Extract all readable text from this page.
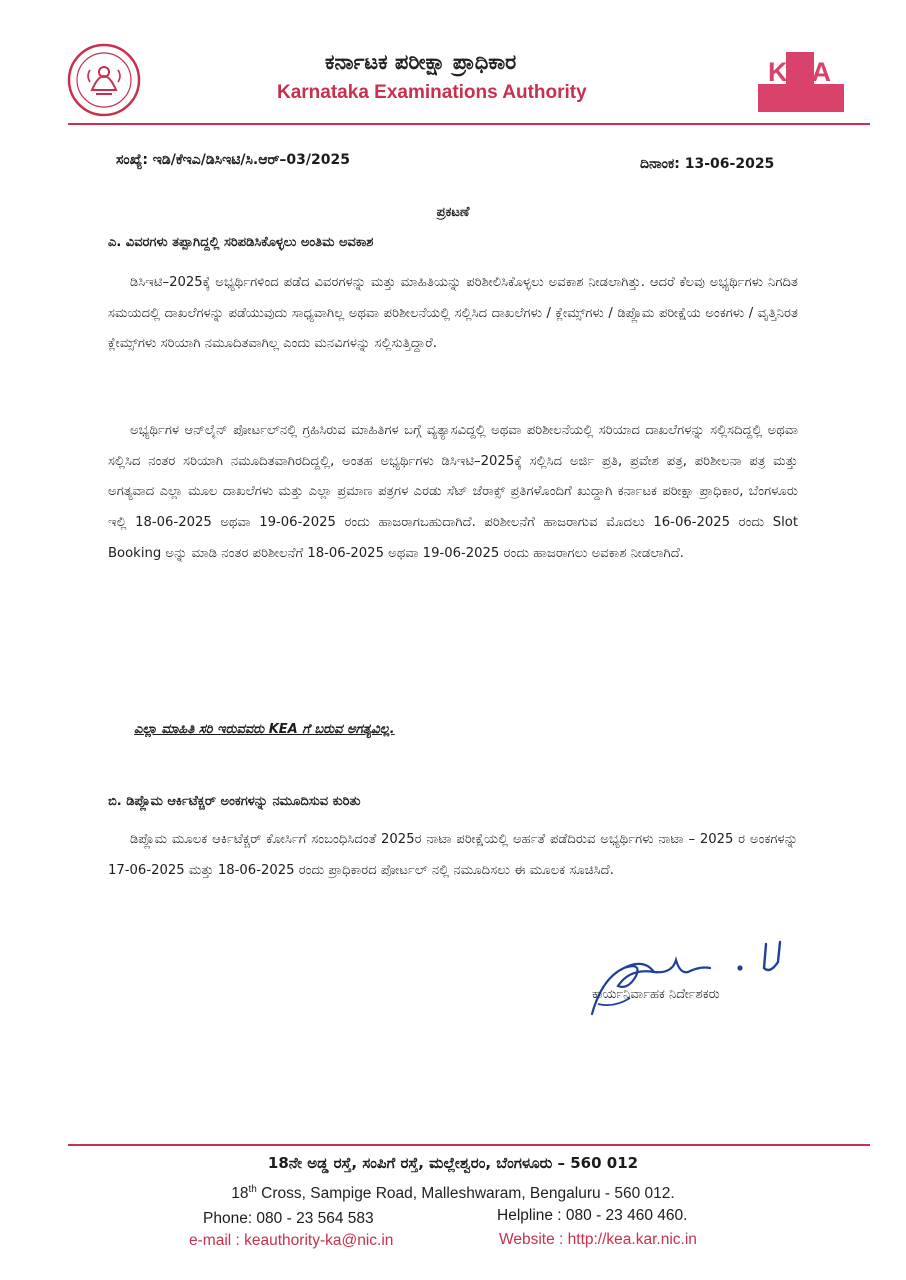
ಕರ್ನಾಟಕ ಪರೀಕ್ಷಾ ಪ್ರಾಧಿಕಾರ
Karnataka Examinations Authority
KEA
ಸಂಖ್ಯೆ: ಇಡಿ/ಕೆಇಎ/ಡಿಸಿಇಟಿ/ಸಿ.ಆರ್–03/2025	ದಿನಾಂಕ: 13-06-2025
ಪ್ರಕಟಣೆ
ಎ. ವಿವರಗಳು ತಪ್ಪಾಗಿದ್ದಲ್ಲಿ ಸರಿಪಡಿಸಿಕೊಳ್ಳಲು ಅಂತಿಮ ಅವಕಾಶ
ಡಿಸಿಇಟಿ–2025ಕ್ಕೆ ಅಭ್ಯರ್ಥಿಗಳಿಂದ ಪಡೆದ ವಿವರಗಳನ್ನು ಮತ್ತು ಮಾಹಿತಿಯನ್ನು ಪರಿಶೀಲಿಸಿಕೊಳ್ಳಲು ಅವಕಾಶ ನೀಡಲಾಗಿತ್ತು. ಆದರೆ ಕೆಲವು ಅಭ್ಯರ್ಥಿಗಳು ನಿಗದಿತ ಸಮಯದಲ್ಲಿ ದಾಖಲೆಗಳನ್ನು ಪಡೆಯುವುದು ಸಾಧ್ಯವಾಗಿಲ್ಲ ಅಥವಾ ಪರಿಶೀಲನೆಯಲ್ಲಿ ಸಲ್ಲಿಸಿದ ದಾಖಲೆಗಳು / ಕ್ಲೇಮ್ಸ್‌ಗಳು / ಡಿಪ್ಲೊಮ ಪರೀಕ್ಷೆಯ ಅಂಕಗಳು / ವೃತ್ತಿನಿರತ ಕ್ಲೇಮ್ಸ್‌ಗಳು ಸರಿಯಾಗಿ ನಮೂದಿತವಾಗಿಲ್ಲ ಎಂದು ಮನವಿಗಳನ್ನು ಸಲ್ಲಿಸುತ್ತಿದ್ದಾರೆ.
ಅಭ್ಯರ್ಥಿಗಳ ಆನ್‌ಲೈನ್ ಪೋರ್ಟಲ್‌ನಲ್ಲಿ ಗ್ರಹಿಸಿರುವ ಮಾಹಿತಿಗಳ ಬಗ್ಗೆ ವ್ಯತ್ಯಾಸವಿದ್ದಲ್ಲಿ ಅಥವಾ ಪರಿಶೀಲನೆಯಲ್ಲಿ ಸರಿಯಾದ ದಾಖಲೆಗಳನ್ನು ಸಲ್ಲಿಸದಿದ್ದಲ್ಲಿ ಅಥವಾ ಸಲ್ಲಿಸಿದ ನಂತರ ಸರಿಯಾಗಿ ನಮೂದಿತವಾಗಿರದಿದ್ದಲ್ಲಿ, ಅಂತಹ ಅಭ್ಯರ್ಥಿಗಳು ಡಿಸಿಇಟಿ–2025ಕ್ಕೆ ಸಲ್ಲಿಸಿದ ಅರ್ಜಿ ಪ್ರತಿ, ಪ್ರವೇಶ ಪತ್ರ, ಪರಿಶೀಲನಾ ಪತ್ರ ಮತ್ತು ಅಗತ್ಯವಾದ ಎಲ್ಲಾ ಮೂಲ ದಾಖಲೆಗಳು ಮತ್ತು ಎಲ್ಲಾ ಪ್ರಮಾಣ ಪತ್ರಗಳ ಎರಡು ಸೆಟ್ ಜೆರಾಕ್ಸ್ ಪ್ರತಿಗಳೊಂದಿಗೆ ಖುದ್ದಾಗಿ ಕರ್ನಾಟಕ ಪರೀಕ್ಷಾ ಪ್ರಾಧಿಕಾರ, ಬೆಂಗಳೂರು ಇಲ್ಲಿ 18-06-2025 ಅಥವಾ 19-06-2025 ರಂದು ಹಾಜರಾಗಬಹುದಾಗಿದೆ. ಪರಿಶೀಲನೆಗೆ ಹಾಜರಾಗುವ ಮೊದಲು 16-06-2025 ರಂದು Slot Booking ಅನ್ನು ಮಾಡಿ ನಂತರ ಪರಿಶೀಲನೆಗೆ 18-06-2025 ಅಥವಾ 19-06-2025 ರಂದು ಹಾಜರಾಗಲು ಅವಕಾಶ ನೀಡಲಾಗಿದೆ.
ಎಲ್ಲಾ ಮಾಹಿತಿ ಸರಿ ಇರುವವರು KEA ಗೆ ಬರುವ ಅಗತ್ಯವಿಲ್ಲ.
ಬಿ. ಡಿಪ್ಲೊಮ ಆರ್ಕಿಟೆಕ್ಚರ್ ಅಂಕಗಳನ್ನು ನಮೂದಿಸುವ ಕುರಿತು
ಡಿಪ್ಲೊಮ ಮೂಲಕ ಆರ್ಕಿಟೆಕ್ಚರ್ ಕೋರ್ಸಿಗೆ ಸಂಬಂಧಿಸಿದಂತೆ 2025ರ ನಾಟಾ ಪರೀಕ್ಷೆಯಲ್ಲಿ ಅರ್ಹತೆ ಪಡೆದಿರುವ ಅಭ್ಯರ್ಥಿಗಳು ನಾಟಾ – 2025 ರ ಅಂಕಗಳನ್ನು 17-06-2025 ಮತ್ತು 18-06-2025 ರಂದು ಪ್ರಾಧಿಕಾರದ ಪೋರ್ಟಲ್ ನಲ್ಲಿ ನಮೂದಿಸಲು ಈ ಮೂಲಕ ಸೂಚಿಸಿದೆ.
ಕಾರ್ಯನಿರ್ವಾಹಕ ನಿರ್ದೇಶಕರು
18ನೇ ಅಡ್ಡ ರಸ್ತೆ, ಸಂಪಿಗೆ ರಸ್ತೆ, ಮಲ್ಲೇಶ್ವರಂ, ಬೆಂಗಳೂರು – 560 012
18th Cross, Sampige Road, Malleshwaram, Bengaluru - 560 012.
Phone: 080 - 23 564 583	Helpline : 080 - 23 460 460.
e-mail : keauthority-ka@nic.in	Website : http://kea.kar.nic.in
